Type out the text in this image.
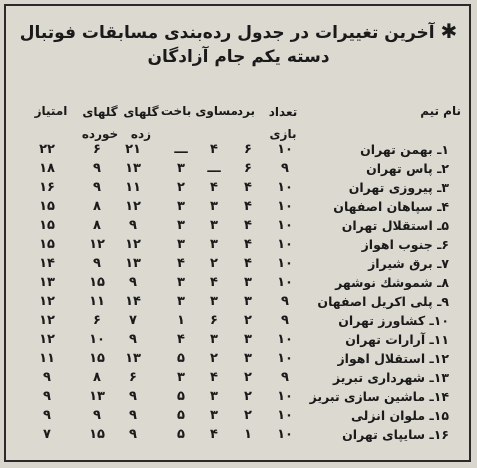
✱ آخرین تغییرات در جدول رده‌بندی مسابقات فوتبال
دسته یکم جام آزادگان
نام تیم
تعداد
بازی
برد
مساوی باخت
گلهای
زده
گلهای
خورده
امتیاز
۱ـ بهمن تهران
۱۰
۶
۴
ـــ
۲۱
۶
۲۲
۲ـ پاس تهران
۹
۶
ـــ
۳
۱۳
۹
۱۸
۳ـ پیروزی تهران
۱۰
۴
۴
۲
۱۱
۹
۱۶
۴ـ سپاهان اصفهان
۱۰
۴
۳
۳
۱۲
۸
۱۵
۵ـ استقلال تهران
۱۰
۴
۳
۳
۹
۸
۱۵
۶ـ جنوب اهواز
۱۰
۴
۳
۳
۱۲
۱۲
۱۵
۷ـ برق شیراز
۱۰
۴
۲
۴
۱۳
۹
۱۴
۸ـ شموشك نوشهر
۱۰
۳
۴
۳
۹
۱۵
۱۳
۹ـ پلی اکریل اصفهان
۹
۳
۳
۳
۱۴
۱۱
۱۲
۱۰ـ کشاورز تهران
۹
۲
۶
۱
۷
۶
۱۲
۱۱ـ آرارات تهران
۱۰
۳
۳
۴
۹
۱۰
۱۲
۱۲ـ استقلال اهواز
۱۰
۳
۲
۵
۱۳
۱۵
۱۱
۱۳ـ شهرداری تبریز
۹
۲
۴
۳
۶
۸
۹
۱۴ـ ماشین سازی تبریز
۱۰
۲
۳
۵
۹
۱۳
۹
۱۵ـ ملوان انزلی
۱۰
۲
۳
۵
۹
۹
۹
۱۶ـ سایپای تهران
۱۰
۱
۴
۵
۹
۱۵
۷
